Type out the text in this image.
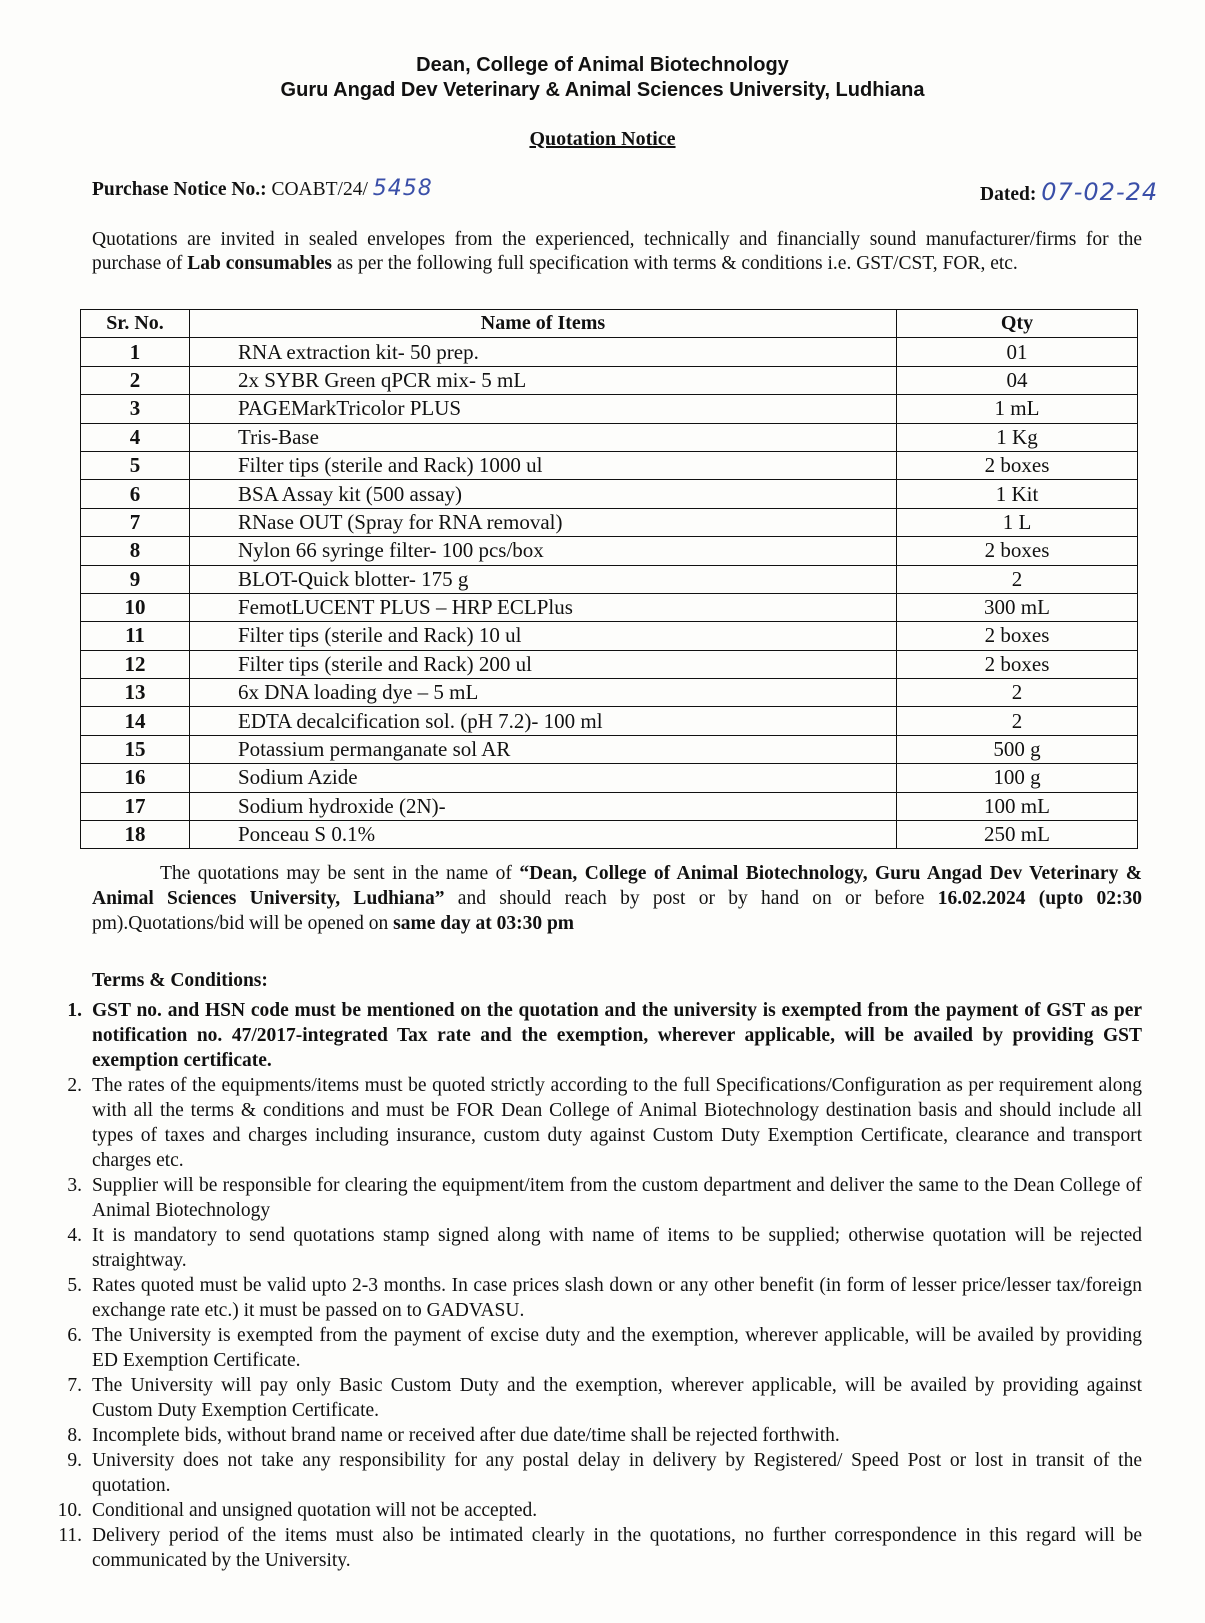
Dean, College of Animal Biotechnology
Guru Angad Dev Veterinary & Animal Sciences University, Ludhiana
Quotation Notice
Purchase Notice No.: COABT/24/ 5458	Dated: 07-02-24
Quotations are invited in sealed envelopes from the experienced, technically and financially sound manufacturer/firms for the purchase of Lab consumables as per the following full specification with terms & conditions i.e. GST/CST, FOR, etc.
Sr. No.	Name of Items	Qty
1	RNA extraction kit- 50 prep.	01
2	2x SYBR Green qPCR mix- 5 mL	04
3	PAGEMarkTricolor PLUS	1 mL
4	Tris-Base	1 Kg
5	Filter tips (sterile and Rack) 1000 ul	2 boxes
6	BSA Assay kit (500 assay)	1 Kit
7	RNase OUT (Spray for RNA removal)	1 L
8	Nylon 66 syringe filter- 100 pcs/box	2 boxes
9	BLOT-Quick blotter- 175 g	2
10	FemotLUCENT PLUS – HRP ECLPlus	300 mL
11	Filter tips (sterile and Rack) 10 ul	2 boxes
12	Filter tips (sterile and Rack) 200 ul	2 boxes
13	6x DNA loading dye – 5 mL	2
14	EDTA decalcification sol. (pH 7.2)- 100 ml	2
15	Potassium permanganate sol AR	500 g
16	Sodium Azide	100 g
17	Sodium hydroxide (2N)-	100 mL
18	Ponceau S 0.1%	250 mL
The quotations may be sent in the name of “Dean, College of Animal Biotechnology, Guru Angad Dev Veterinary & Animal Sciences University, Ludhiana” and should reach by post or by hand on or before 16.02.2024 (upto 02:30 pm).Quotations/bid will be opened on same day at 03:30 pm
Terms & Conditions:
1. GST no. and HSN code must be mentioned on the quotation and the university is exempted from the payment of GST as per notification no. 47/2017-integrated Tax rate and the exemption, wherever applicable, will be availed by providing GST exemption certificate.
2. The rates of the equipments/items must be quoted strictly according to the full Specifications/Configuration as per requirement along with all the terms & conditions and must be FOR Dean College of Animal Biotechnology destination basis and should include all types of taxes and charges including insurance, custom duty against Custom Duty Exemption Certificate, clearance and transport charges etc.
3. Supplier will be responsible for clearing the equipment/item from the custom department and deliver the same to the Dean College of Animal Biotechnology
4. It is mandatory to send quotations stamp signed along with name of items to be supplied; otherwise quotation will be rejected straightway.
5. Rates quoted must be valid upto 2-3 months. In case prices slash down or any other benefit (in form of lesser price/lesser tax/foreign exchange rate etc.) it must be passed on to GADVASU.
6. The University is exempted from the payment of excise duty and the exemption, wherever applicable, will be availed by providing ED Exemption Certificate.
7. The University will pay only Basic Custom Duty and the exemption, wherever applicable, will be availed by providing against Custom Duty Exemption Certificate.
8. Incomplete bids, without brand name or received after due date/time shall be rejected forthwith.
9. University does not take any responsibility for any postal delay in delivery by Registered/ Speed Post or lost in transit of the quotation.
10. Conditional and unsigned quotation will not be accepted.
11. Delivery period of the items must also be intimated clearly in the quotations, no further correspondence in this regard will be communicated by the University.
